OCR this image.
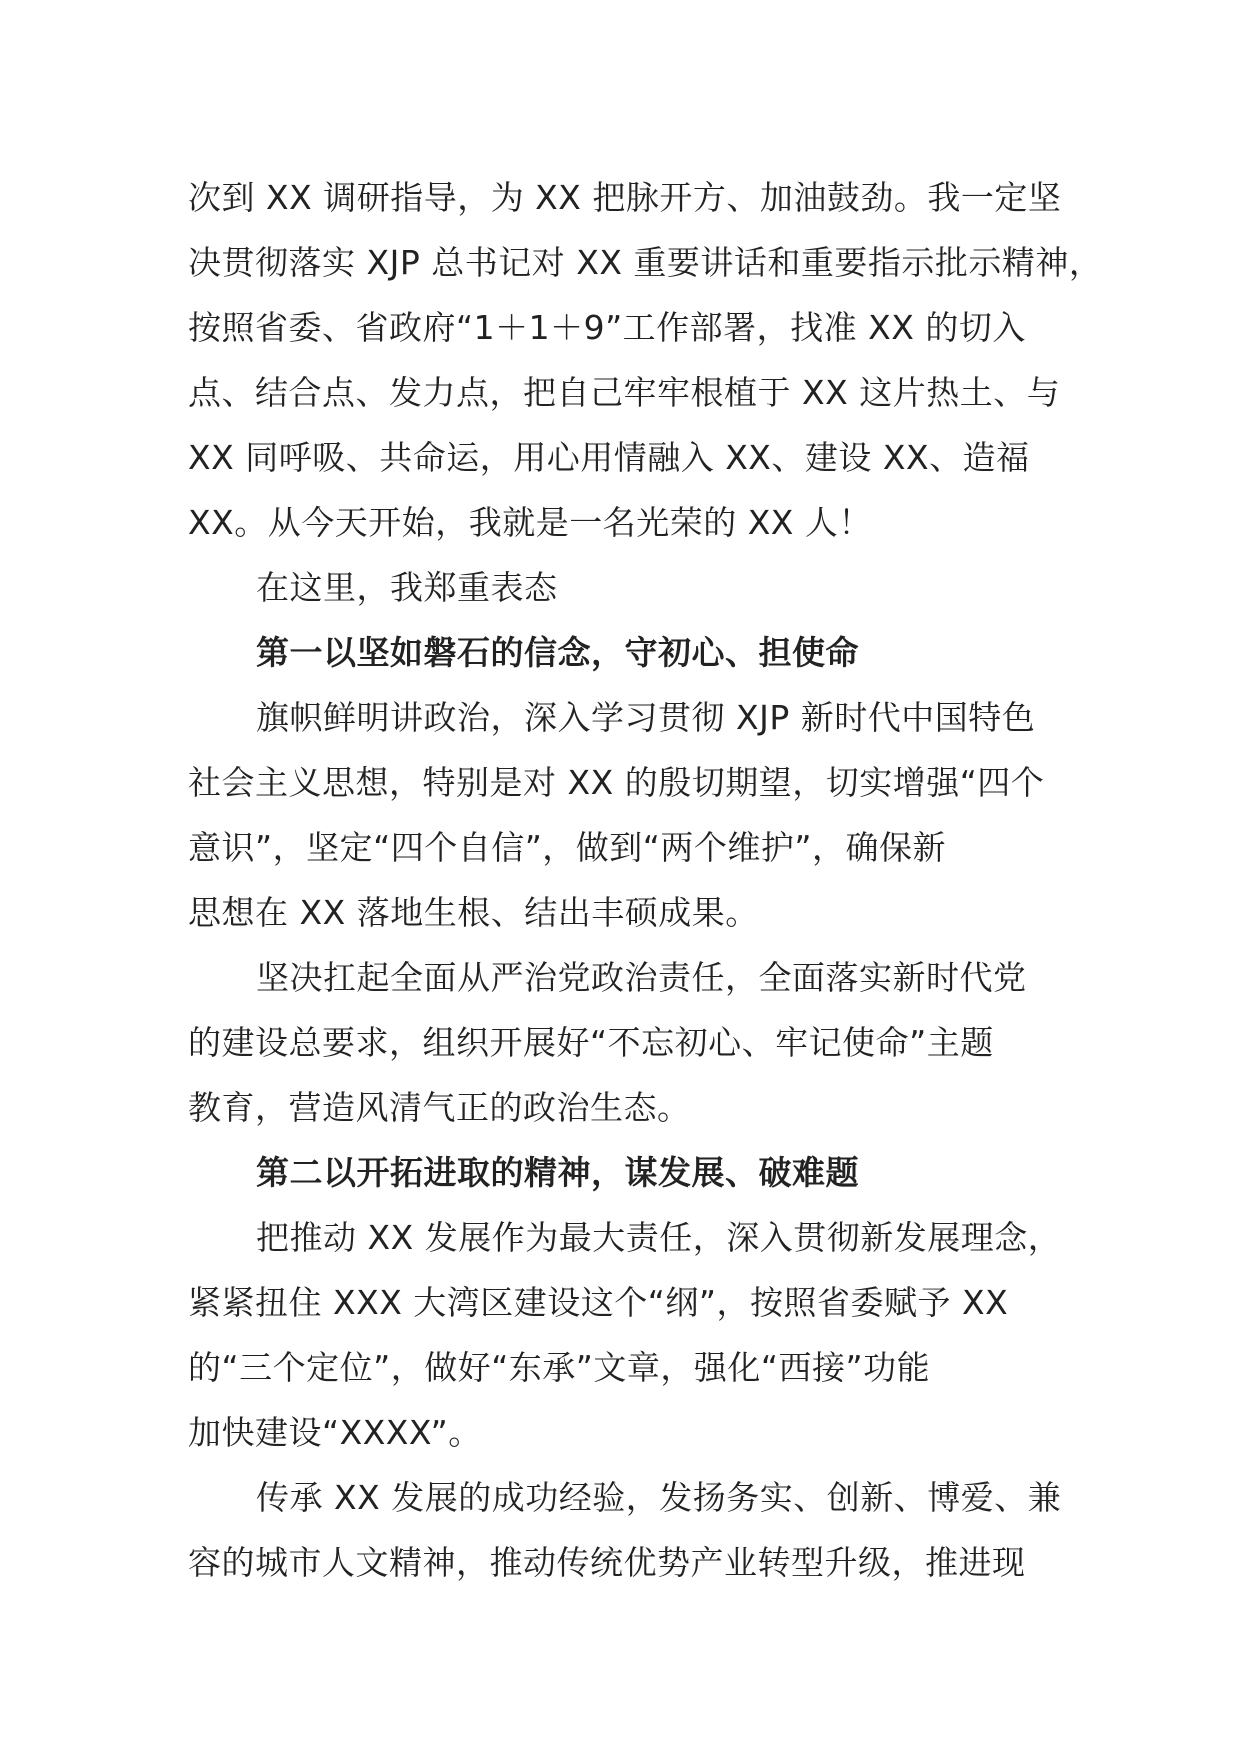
次到 XX 调研指导，为 XX 把脉开方、加油鼓劲。我一定坚
决贯彻落实 XJP 总书记对 XX 重要讲话和重要指示批示精神，
按照省委、省政府“1＋1＋9”工作部署，找准 XX 的切入
点、结合点、发力点，把自己牢牢根植于 XX 这片热土、与
XX 同呼吸、共命运，用心用情融入 XX、建设 XX、造福
XX。从今天开始，我就是一名光荣的 XX 人！
在这里，我郑重表态
第一以坚如磐石的信念，守初心、担使命
旗帜鲜明讲政治，深入学习贯彻 XJP 新时代中国特色
社会主义思想，特别是对 XX 的殷切期望，切实增强“四个
意识”，坚定“四个自信”，做到“两个维护”，确保新
思想在 XX 落地生根、结出丰硕成果。
坚决扛起全面从严治党政治责任，全面落实新时代党
的建设总要求，组织开展好“不忘初心、牢记使命”主题
教育，营造风清气正的政治生态。
第二以开拓进取的精神，谋发展、破难题
把推动 XX 发展作为最大责任，深入贯彻新发展理念，
紧紧扭住 XXX 大湾区建设这个“纲”，按照省委赋予 XX
的“三个定位”，做好“东承”文章，强化“西接”功能
加快建设“XXXX”。
传承 XX 发展的成功经验，发扬务实、创新、博爱、兼
容的城市人文精神，推动传统优势产业转型升级，推进现
